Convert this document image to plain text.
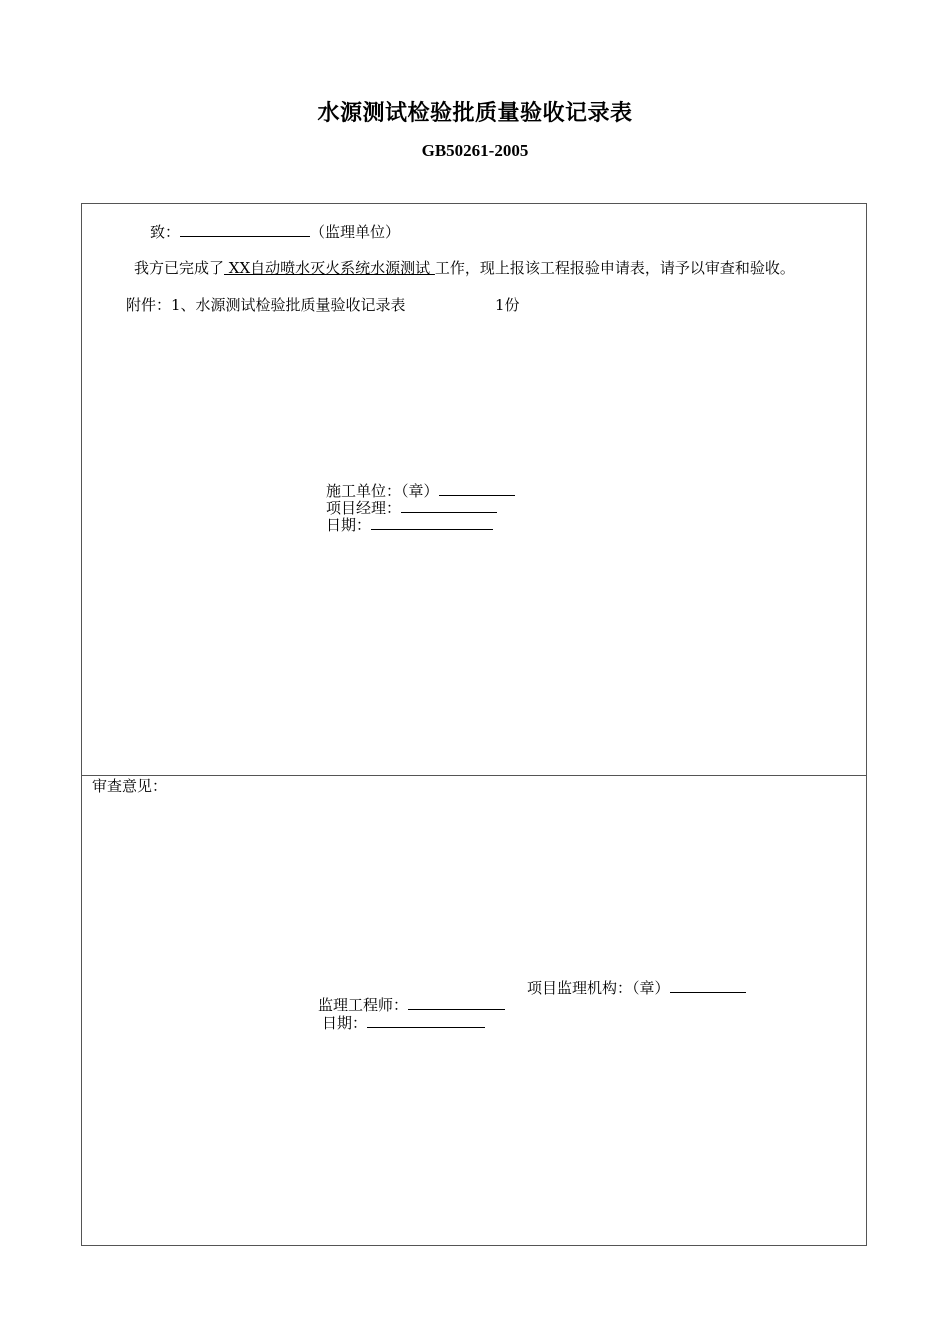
水源测试检验批质量验收记录表
GB50261-2005
致：	（监理单位）
我方已完成了 XX自动喷水灭火系统水源测试 工作，现上报该工程报验申请表，请予以审查和验收。
附件：1、水源测试检验批质量验收记录表	1份
施工单位：（章）
项目经理：
日期：
审查意见：
项目监理机构：（章）
监理工程师：
日期：
